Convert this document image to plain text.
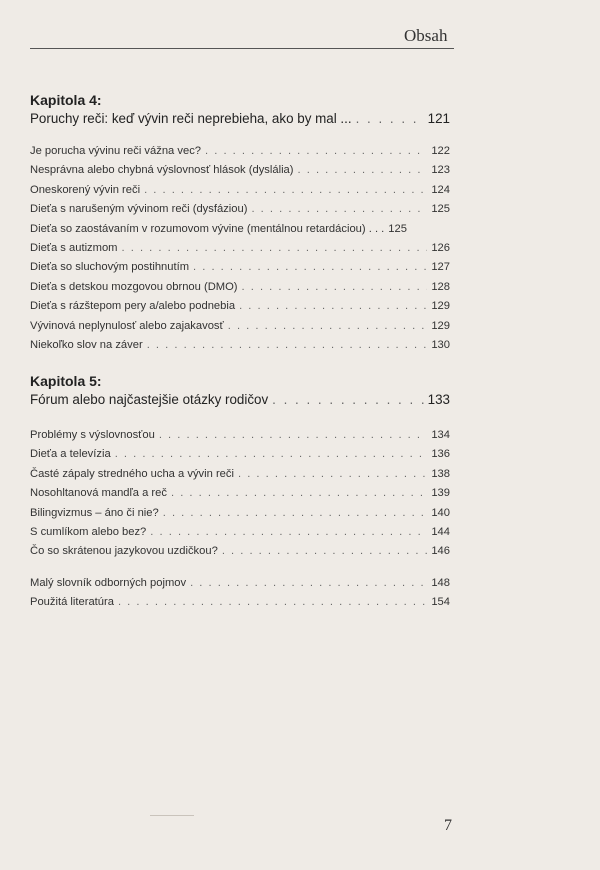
Obsah
Kapitola 4:
Poruchy reči: keď vývin reči neprebieha, ako by mal ... . . .	121
Je porucha vývinu reči vážna vec? . . .	122
Nesprávna alebo chybná výslovnosť hlások (dyslália) . . .	123
Oneskorený vývin reči . . .	124
Dieťa s narušeným vývinom reči (dysfáziou) . . .	125
Dieťa so zaostávaním v rozumovom vývine (mentálnou retardáciou) . . . 125
Dieťa s autizmom . . .	126
Dieťa so sluchovým postihnutím . . .	127
Dieťa s detskou mozgovou obrnou (DMO) . . .	128
Dieťa s rázštepom pery a/alebo podnebia . . .	129
Vývinová neplynulosť alebo zajakavosť . . .	129
Niekoľko slov na záver . . .	130
Kapitola 5:
Fórum alebo najčastejšie otázky rodičov . . .	133
Problémy s výslovnosťou . . .	134
Dieťa a televízia . . .	136
Časté zápaly stredného ucha a vývin reči . . .	138
Nosohltanová mandľa a reč . . .	139
Bilingvizmus – áno či nie? . . .	140
S cumlíkom alebo bez? . . .	144
Čo so skrátenou jazykovou uzdičkou? . . .	146
Malý slovník odborných pojmov . . .	148
Použitá literatúra . . .	154
7
